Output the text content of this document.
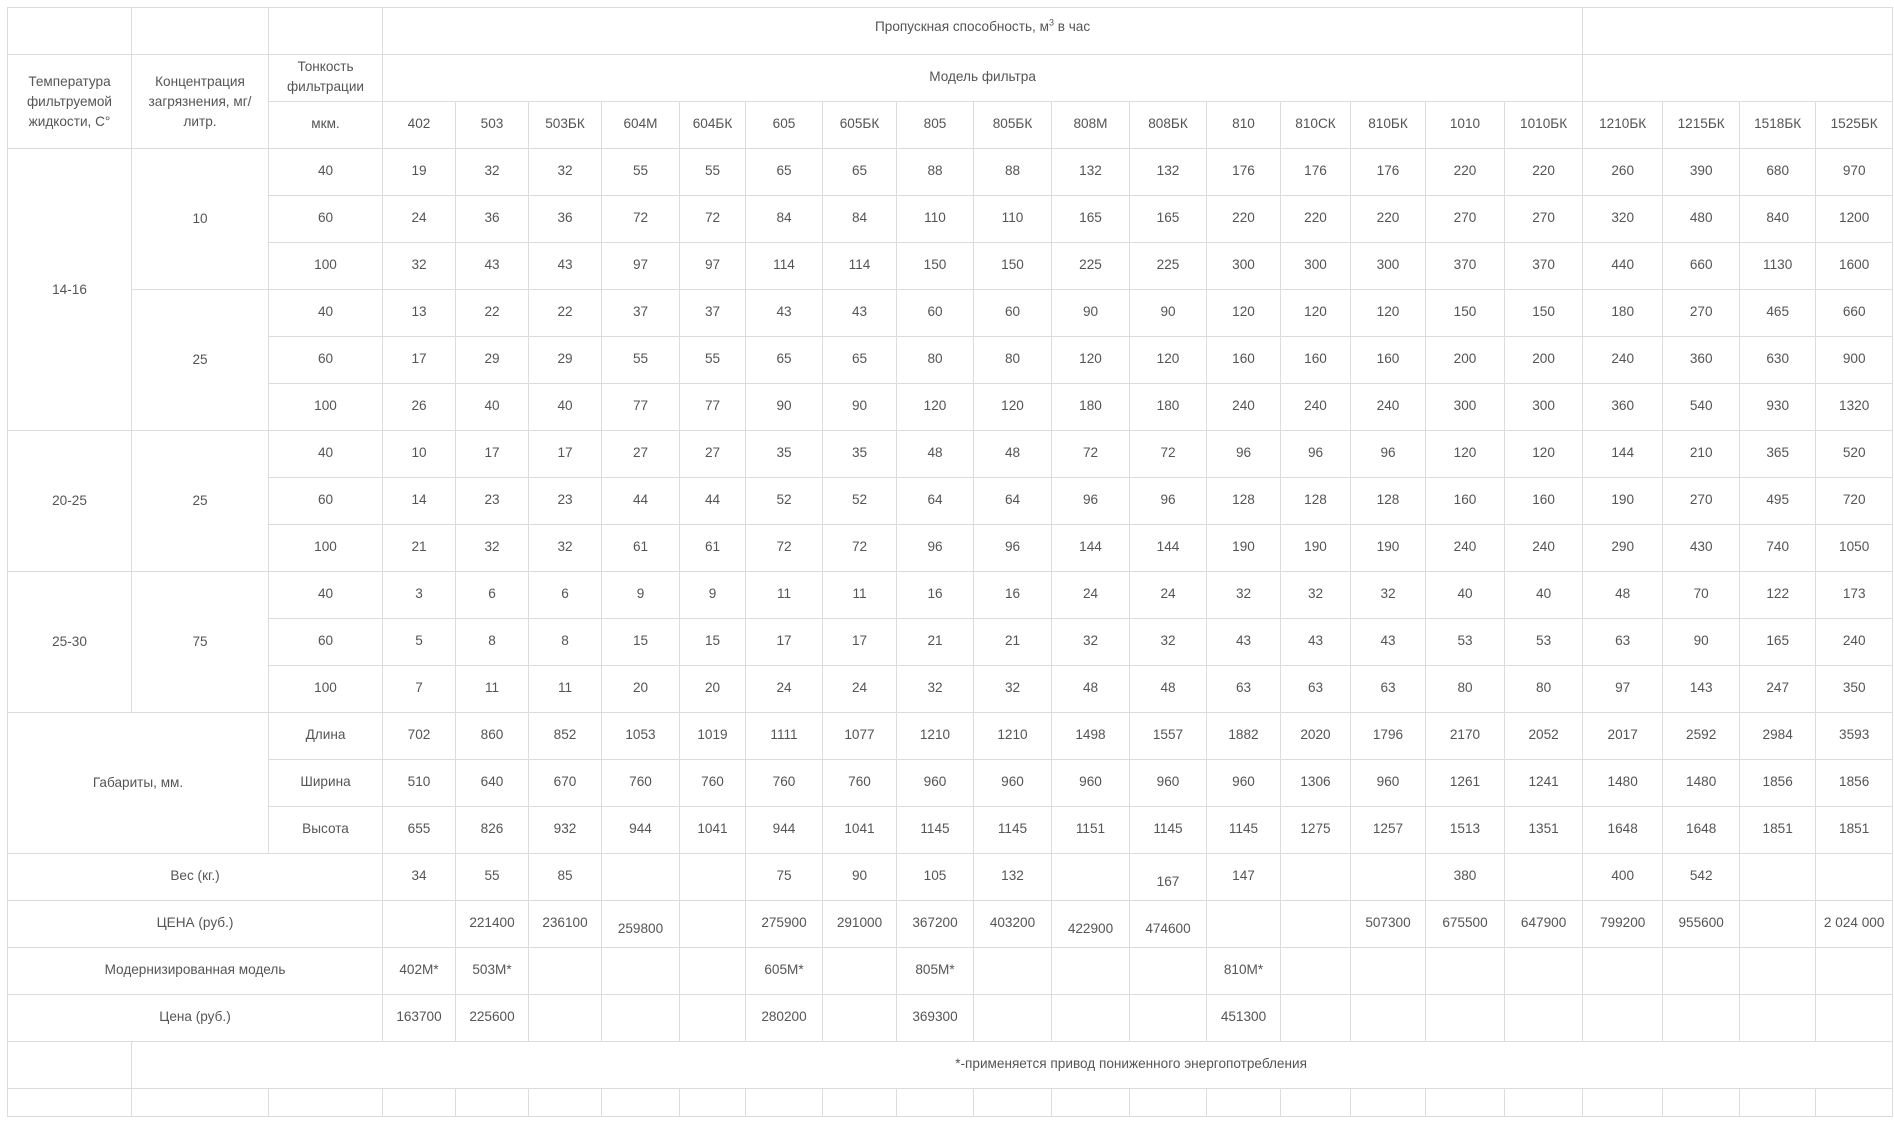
			Пропускная способность, $м^3$ в час																			
Температура фильтруемой жидкости, С°	Концентрация загрязнения, мг/литр.	Тонкость фильтрации	Модель фильтра																			
		мкм.	402	503	503БК	604М	604БК	605	605БК	805	805БК	808М	808БК	810	810СК	810БК	1010	1010БК	1210БК	1215БК	1518БК	1525БК
14-16	10	40	19	32	32	55	55	65	65	88	88	132	132	176	176	176	220	220	260	390	680	970
		60	24	36	36	72	72	84	84	110	110	165	165	220	220	220	270	270	320	480	840	1200
		100	32	43	43	97	97	114	114	150	150	225	225	300	300	300	370	370	440	660	1130	1600
	25	40	13	22	22	37	37	43	43	60	60	90	90	120	120	120	150	150	180	270	465	660
		60	17	29	29	55	55	65	65	80	80	120	120	160	160	160	200	200	240	360	630	900
		100	26	40	40	77	77	90	90	120	120	180	180	240	240	240	300	300	360	540	930	1320
20-25	25	40	10	17	17	27	27	35	35	48	48	72	72	96	96	96	120	120	144	210	365	520
		60	14	23	23	44	44	52	52	64	64	96	96	128	128	128	160	160	190	270	495	720
		100	21	32	32	61	61	72	72	96	96	144	144	190	190	190	240	240	290	430	740	1050
25-30	75	40	3	6	6	9	9	11	11	16	16	24	24	32	32	32	40	40	48	70	122	173
		60	5	8	8	15	15	17	17	21	21	32	32	43	43	43	53	53	63	90	165	240
		100	7	11	11	20	20	24	24	32	32	48	48	63	63	63	80	80	97	143	247	350
Габариты, мм.		Длина	702	860	852	1053	1019	1111	1077	1210	1210	1498	1557	1882	2020	1796	2170	2052	2017	2592	2984	3593
		Ширина	510	640	670	760	760	760	760	960	960	960	960	960	1306	960	1261	1241	1480	1480	1856	1856
		Высота	655	826	932	944	1041	944	1041	1145	1145	1151	1145	1145	1275	1257	1513	1351	1648	1648	1851	1851
Вес (кг.)			34	55	85			75	90	105	132		167	147			380		400	542		
ЦЕНА (руб.)				221400	236100	259800		275900	291000	367200	403200	422900	474600			507300	675500	647900	799200	955600		2 024 000
Модернизированная модель			402М*	503М*				605М*		805М*				810М*								
Цена (руб.)			163700	225600				280200		369300				451300								
	*-применяется привод пониженного энергопотребления																					
